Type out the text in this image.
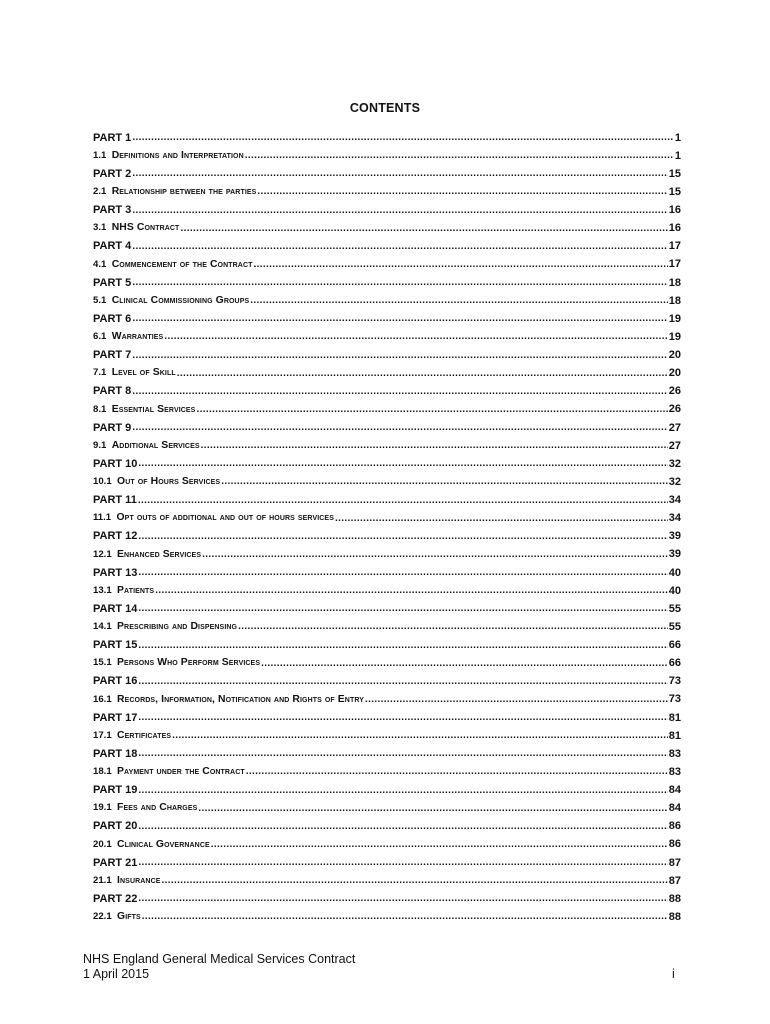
CONTENTS
PART 1 .....	1
1.1 Definitions and Interpretation .....	1
PART 2 .....	15
2.1 Relationship between the parties .....	15
PART 3 .....	16
3.1 NHS Contract .....	16
PART 4 .....	17
4.1 Commencement of the Contract .....	17
PART 5 .....	18
5.1 Clinical Commissioning Groups .....	18
PART 6 .....	19
6.1 Warranties .....	19
PART 7 .....	20
7.1 Level of Skill .....	20
PART 8 .....	26
8.1 Essential Services .....	26
PART 9 .....	27
9.1 Additional Services .....	27
PART 10 .....	32
10.1 Out of Hours Services .....	32
PART 11 .....	34
11.1 Opt outs of additional and out of hours services .....	34
PART 12 .....	39
12.1 Enhanced Services .....	39
PART 13 .....	40
13.1 Patients .....	40
PART 14 .....	55
14.1 Prescribing and Dispensing .....	55
PART 15 .....	66
15.1 Persons Who Perform Services .....	66
PART 16 .....	73
16.1 Records, Information, Notification and Rights of Entry .....	73
PART 17 .....	81
17.1 Certificates .....	81
PART 18 .....	83
18.1 Payment under the Contract .....	83
PART 19 .....	84
19.1 Fees and Charges .....	84
PART 20 .....	86
20.1 Clinical Governance .....	86
PART 21 .....	87
21.1 Insurance .....	87
PART 22 .....	88
22.1 Gifts .....	88
NHS England General Medical Services Contract
1 April 2015	i
